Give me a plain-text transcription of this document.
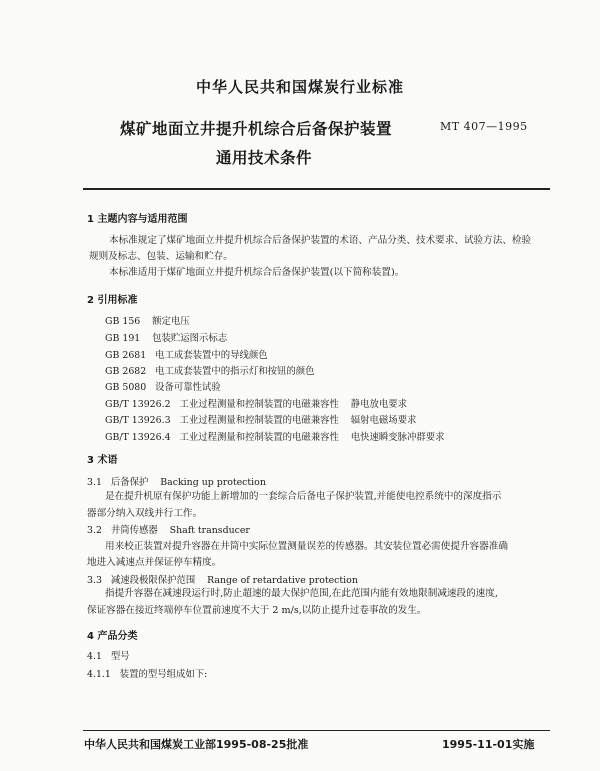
中华人民共和国煤炭行业标准
煤矿地面立井提升机综合后备保护装置
通用技术条件
MT 407—1995
1 主题内容与适用范围
本标准规定了煤矿地面立井提升机综合后备保护装置的术语、产品分类、技术要求、试验方法、检验
规则及标志、包装、运输和贮存。
本标准适用于煤矿地面立井提升机综合后备保护装置(以下简称装置)。
2 引用标准
GB 156    额定电压
GB 191    包装贮运图示标志
GB 2681   电工成套装置中的导线颜色
GB 2682   电工成套装置中的指示灯和按钮的颜色
GB 5080   设备可靠性试验
GB/T 13926.2   工业过程测量和控制装置的电磁兼容性    静电放电要求
GB/T 13926.3   工业过程测量和控制装置的电磁兼容性    辐射电磁场要求
GB/T 13926.4   工业过程测量和控制装置的电磁兼容性    电快速瞬变脉冲群要求
3 术语
3.1   后备保护    Backing up protection
是在提升机原有保护功能上新增加的一套综合后备电子保护装置,并能使电控系统中的深度指示
器部分纳入双线并行工作。
3.2   井筒传感器    Shaft transducer
用来校正装置对提升容器在井筒中实际位置测量误差的传感器。其安装位置必需使提升容器准确
地进入减速点并保证停车精度。
3.3   减速段极限保护范围    Range of retardative protection
指提升容器在减速段运行时,防止超速的最大保护范围,在此范围内能有效地限制减速段的速度,
保证容器在接近终端停车位置前速度不大于 2 m/s,以防止提升过卷事故的发生。
4 产品分类
4.1   型号
4.1.1   装置的型号组成如下:
中华人民共和国煤炭工业部1995-08-25批准	1995-11-01实施
